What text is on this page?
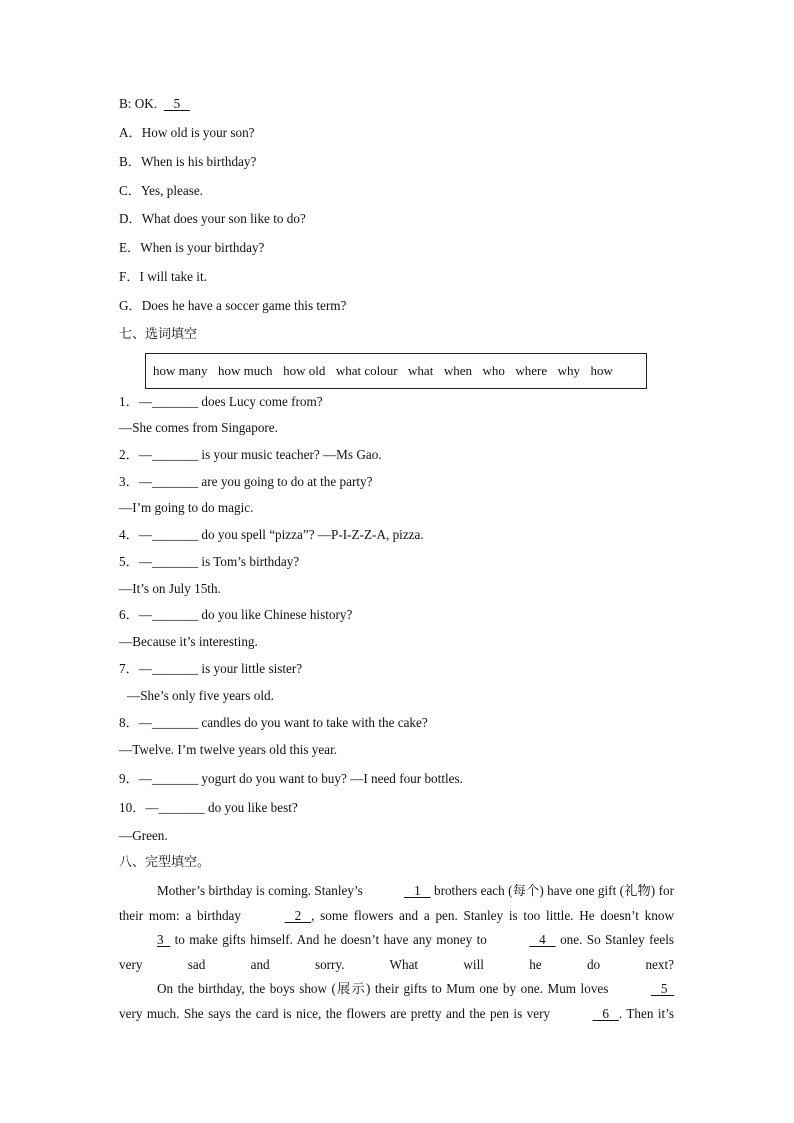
B: OK. 5
A．How old is your son?
B．When is his birthday?
C．Yes, please.
D．What does your son like to do?
E．When is your birthday?
F．I will take it.
G．Does he have a soccer game this term?
七、选词填空
how many how much how old what colour what when who where why how
1．—_______ does Lucy come from?
—She comes from Singapore.
2．—_______ is your music teacher? —Ms Gao.
3．—_______ are you going to do at the party?
—I’m going to do magic.
4．—_______ do you spell “pizza”? —P-I-Z-Z-A, pizza.
5．—_______ is Tom’s birthday?
—It’s on July 15th.
6．—_______ do you like Chinese history?
—Because it’s interesting.
7．—_______ is your little sister?
—She’s only five years old.
8．—_______ candles do you want to take with the cake?
—Twelve. I’m twelve years old this year.
9．—_______ yogurt do you want to buy? —I need four bottles.
10．—_______ do you like best?
—Green.
八、完型填空。
Mother’s birthday is coming. Stanley’s	1    brothers each (每个) have one gift (礼物) for their mom: a birthday	2   , some flowers and a pen. Stanley is too little. He doesn’t know 3   to make gifts himself. And he doesn’t have any money to	4    one. So Stanley feels very sad and sorry. What will he do next?
On the birthday, the boys show (展示) their gifts to Mum one by one. Mum loves	5   very much. She says the card is nice, the flowers are pretty and the pen is very	6   . Then it’s
